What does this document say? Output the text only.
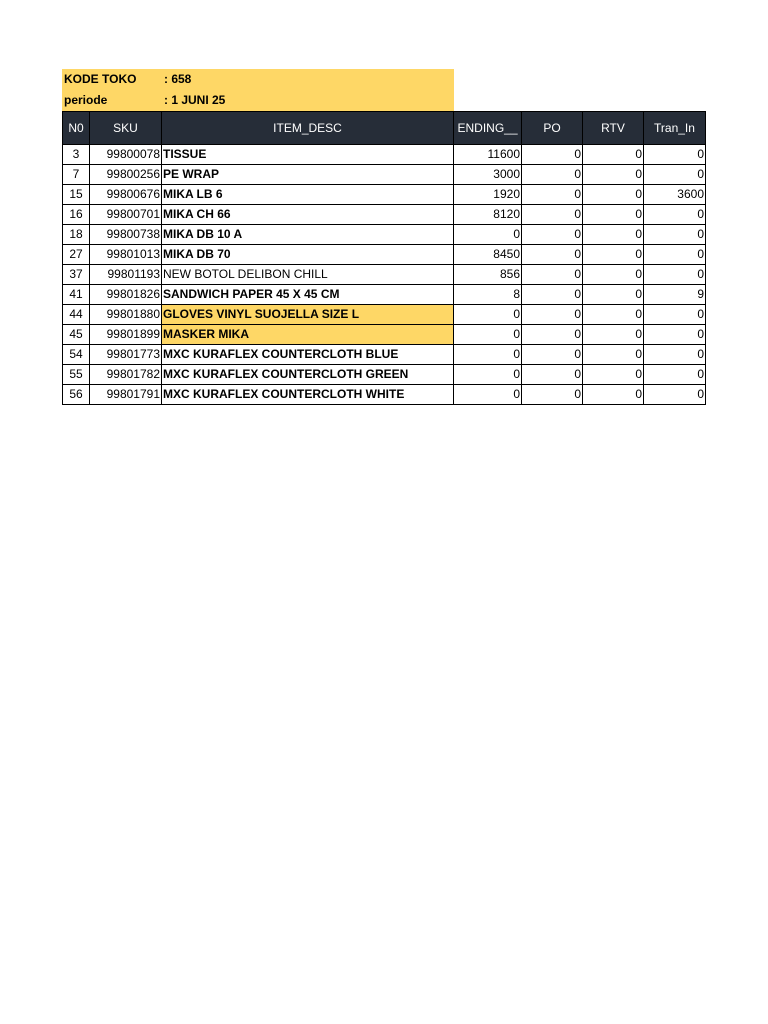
KODE TOKO : 658
periode	: 1 JUNI 25
N0	SKU	ITEM_DESC	ENDING__	PO	RTV	Tran_In
3	99800078	TISSUE	11600	0	0	0
7	99800256	PE WRAP	3000	0	0	0
15	99800676	MIKA LB 6	1920	0	0	3600
16	99800701	MIKA CH 66	8120	0	0	0
18	99800738	MIKA DB 10 A	0	0	0	0
27	99801013	MIKA DB 70	8450	0	0	0
37	99801193	NEW BOTOL DELIBON CHILL	856	0	0	0
41	99801826	SANDWICH PAPER 45 X 45 CM	8	0	0	9
44	99801880	GLOVES VINYL SUOJELLA SIZE L	0	0	0	0
45	99801899	MASKER MIKA	0	0	0	0
54	99801773	MXC KURAFLEX COUNTERCLOTH BLUE	0	0	0	0
55	99801782	MXC KURAFLEX COUNTERCLOTH GREEN	0	0	0	0
56	99801791	MXC KURAFLEX COUNTERCLOTH WHITE	0	0	0	0
